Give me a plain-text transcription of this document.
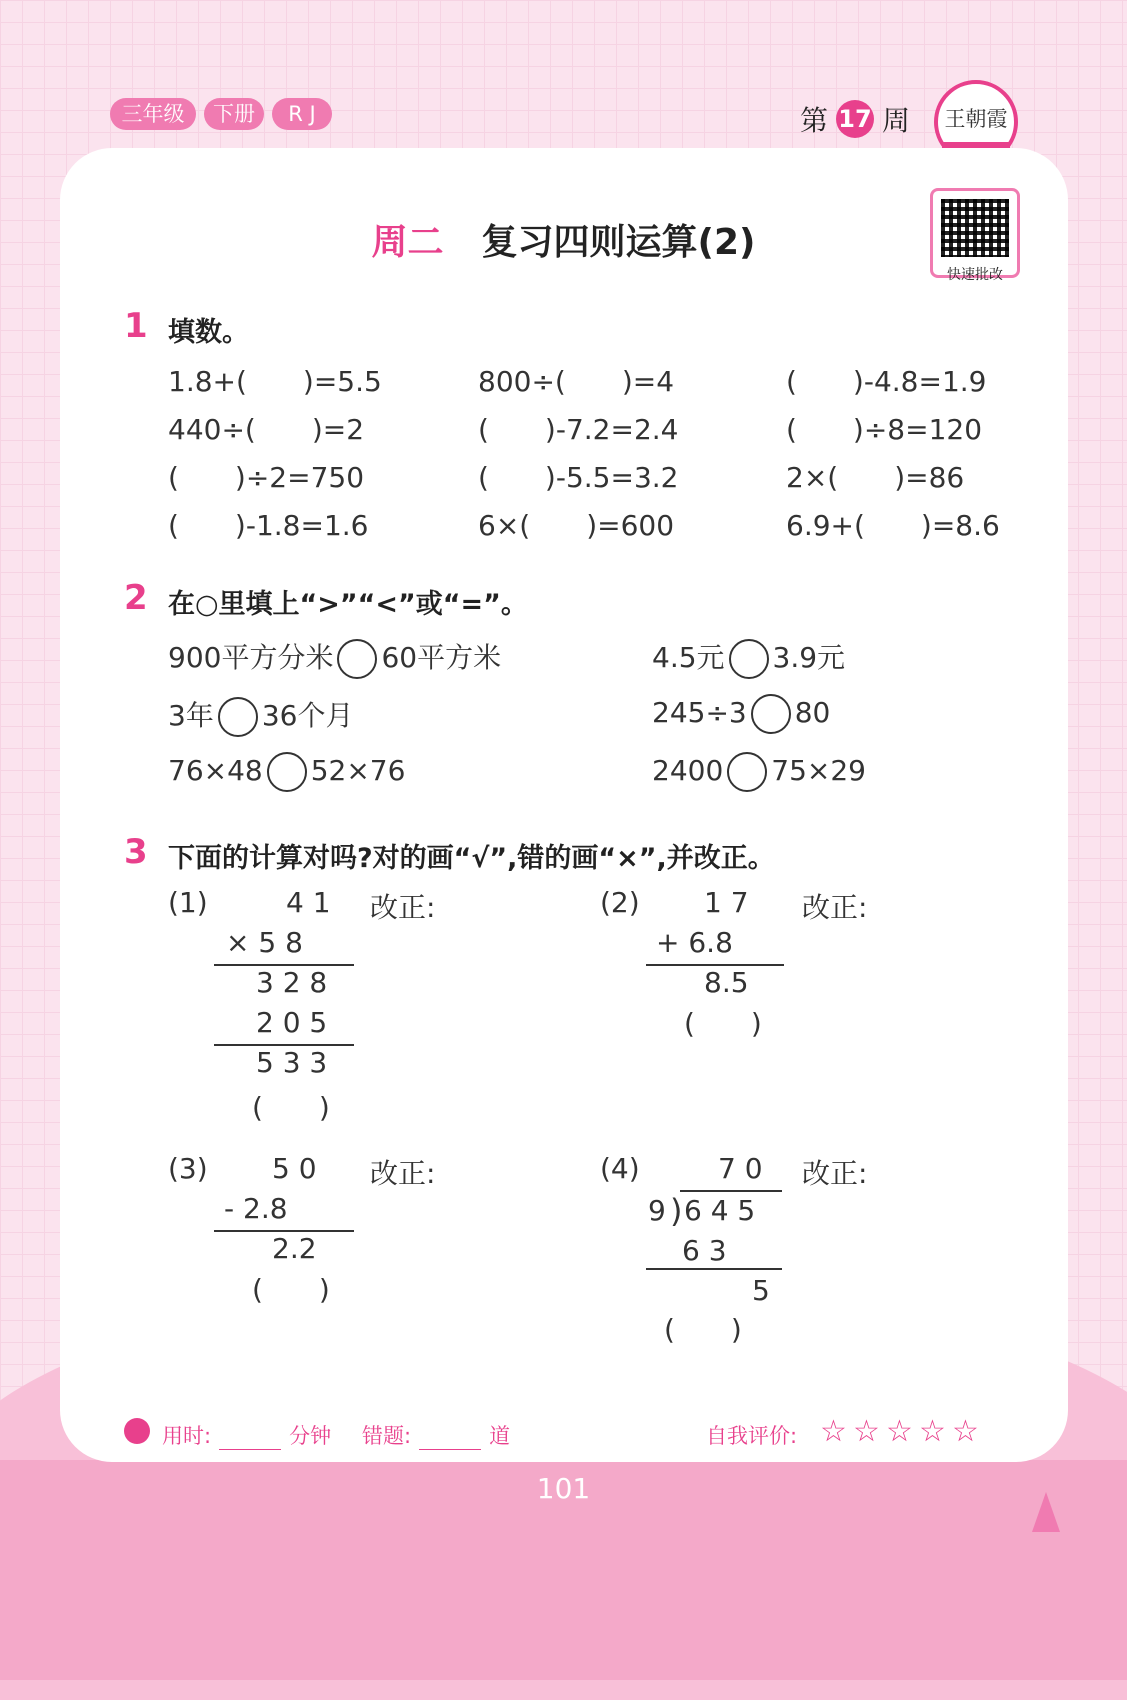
三年级	下册	R J	第 17 周	王朝霞
周二 复习四则运算(2)
快速批改
1 填数。
1.8+(　　)=5.5	800÷(　　)=4	(　　)-4.8=1.9
440÷(　　)=2	(　　)-7.2=2.4	(　　)÷8=120
(　　)÷2=750	(　　)-5.5=3.2	2×(　　)=86
(　　)-1.8=1.6	6×(　　)=600	6.9+(　　)=8.6
2 在○里填上“>”“<”或“=”。
900平方分米 60平方米	4.5元 3.9元
3年 36个月	245÷3 80
76×48 52×76	2400 75×29
3 下面的计算对吗?对的画“√”,错的画“×”,并改正。
(1)	4 1
× 5 8
3 2 8
2 0 5
5 3 3
(　　)
改正:	(2) 1 7
+ 6.8
8.5
(　　)
改正:
(3) 5 0
- 2.8
2.2
(　　)
改正:	(4)	7 0
9 ) 6 4 5
6 3
5
(　　)
改正:
用时:	分钟 错题:	道	自我评价: ☆ ☆ ☆ ☆ ☆
101
